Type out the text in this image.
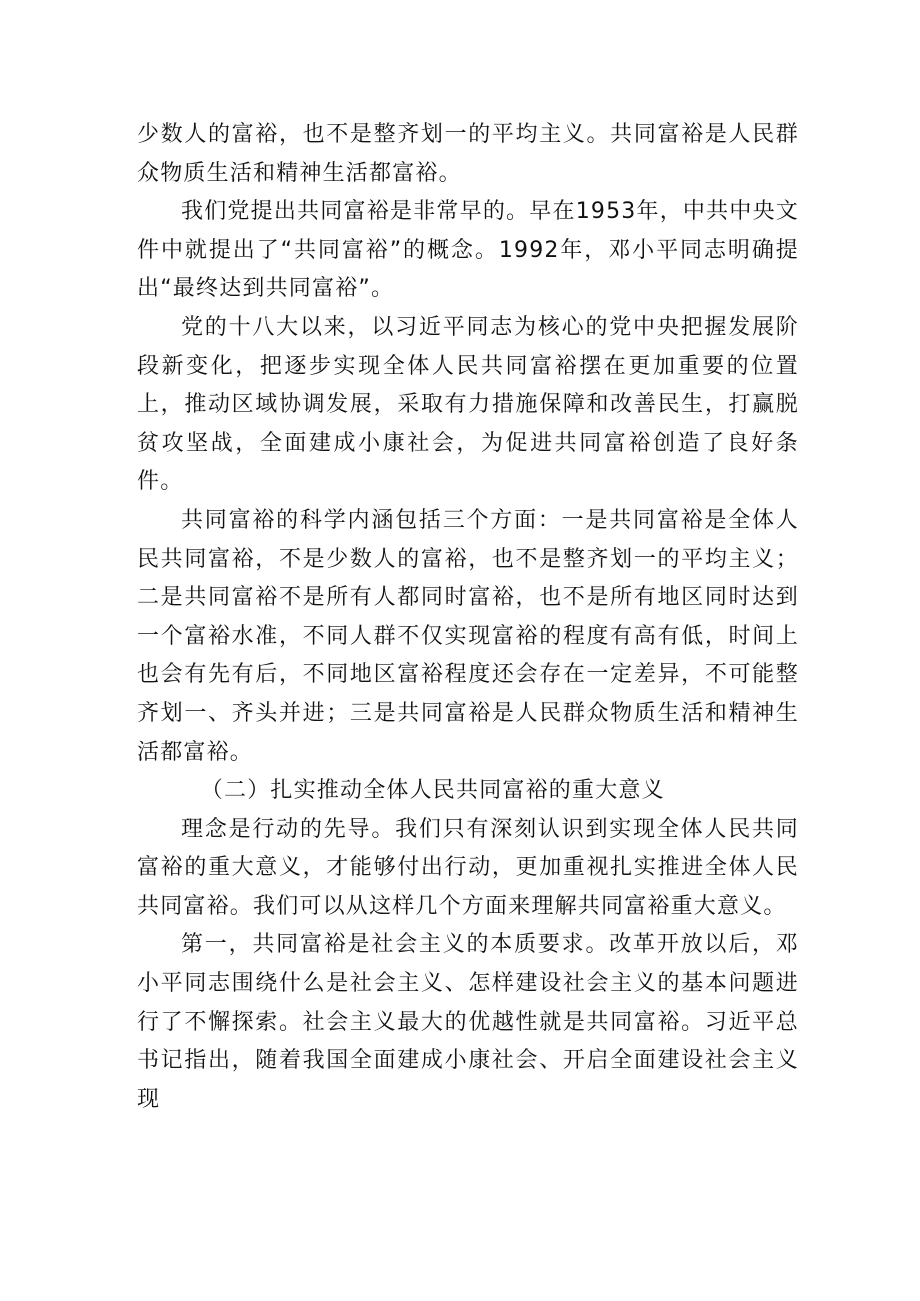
少数人的富裕，也不是整齐划一的平均主义。共同富裕是人民群众物质生活和精神生活都富裕。

我们党提出共同富裕是非常早的。早在1953年，中共中央文件中就提出了“共同富裕”的概念。1992年，邓小平同志明确提出“最终达到共同富裕”。

党的十八大以来，以习近平同志为核心的党中央把握发展阶段新变化，把逐步实现全体人民共同富裕摆在更加重要的位置上，推动区域协调发展，采取有力措施保障和改善民生，打赢脱贫攻坚战，全面建成小康社会，为促进共同富裕创造了良好条件。

共同富裕的科学内涵包括三个方面：一是共同富裕是全体人民共同富裕，不是少数人的富裕，也不是整齐划一的平均主义；二是共同富裕不是所有人都同时富裕，也不是所有地区同时达到一个富裕水准，不同人群不仅实现富裕的程度有高有低，时间上也会有先有后，不同地区富裕程度还会存在一定差异，不可能整齐划一、齐头并进；三是共同富裕是人民群众物质生活和精神生活都富裕。

（二）扎实推动全体人民共同富裕的重大意义

理念是行动的先导。我们只有深刻认识到实现全体人民共同富裕的重大意义，才能够付出行动，更加重视扎实推进全体人民共同富裕。我们可以从这样几个方面来理解共同富裕重大意义。

第一，共同富裕是社会主义的本质要求。改革开放以后，邓小平同志围绕什么是社会主义、怎样建设社会主义的基本问题进行了不懈探索。社会主义最大的优越性就是共同富裕。习近平总书记指出，随着我国全面建成小康社会、开启全面建设社会主义现
